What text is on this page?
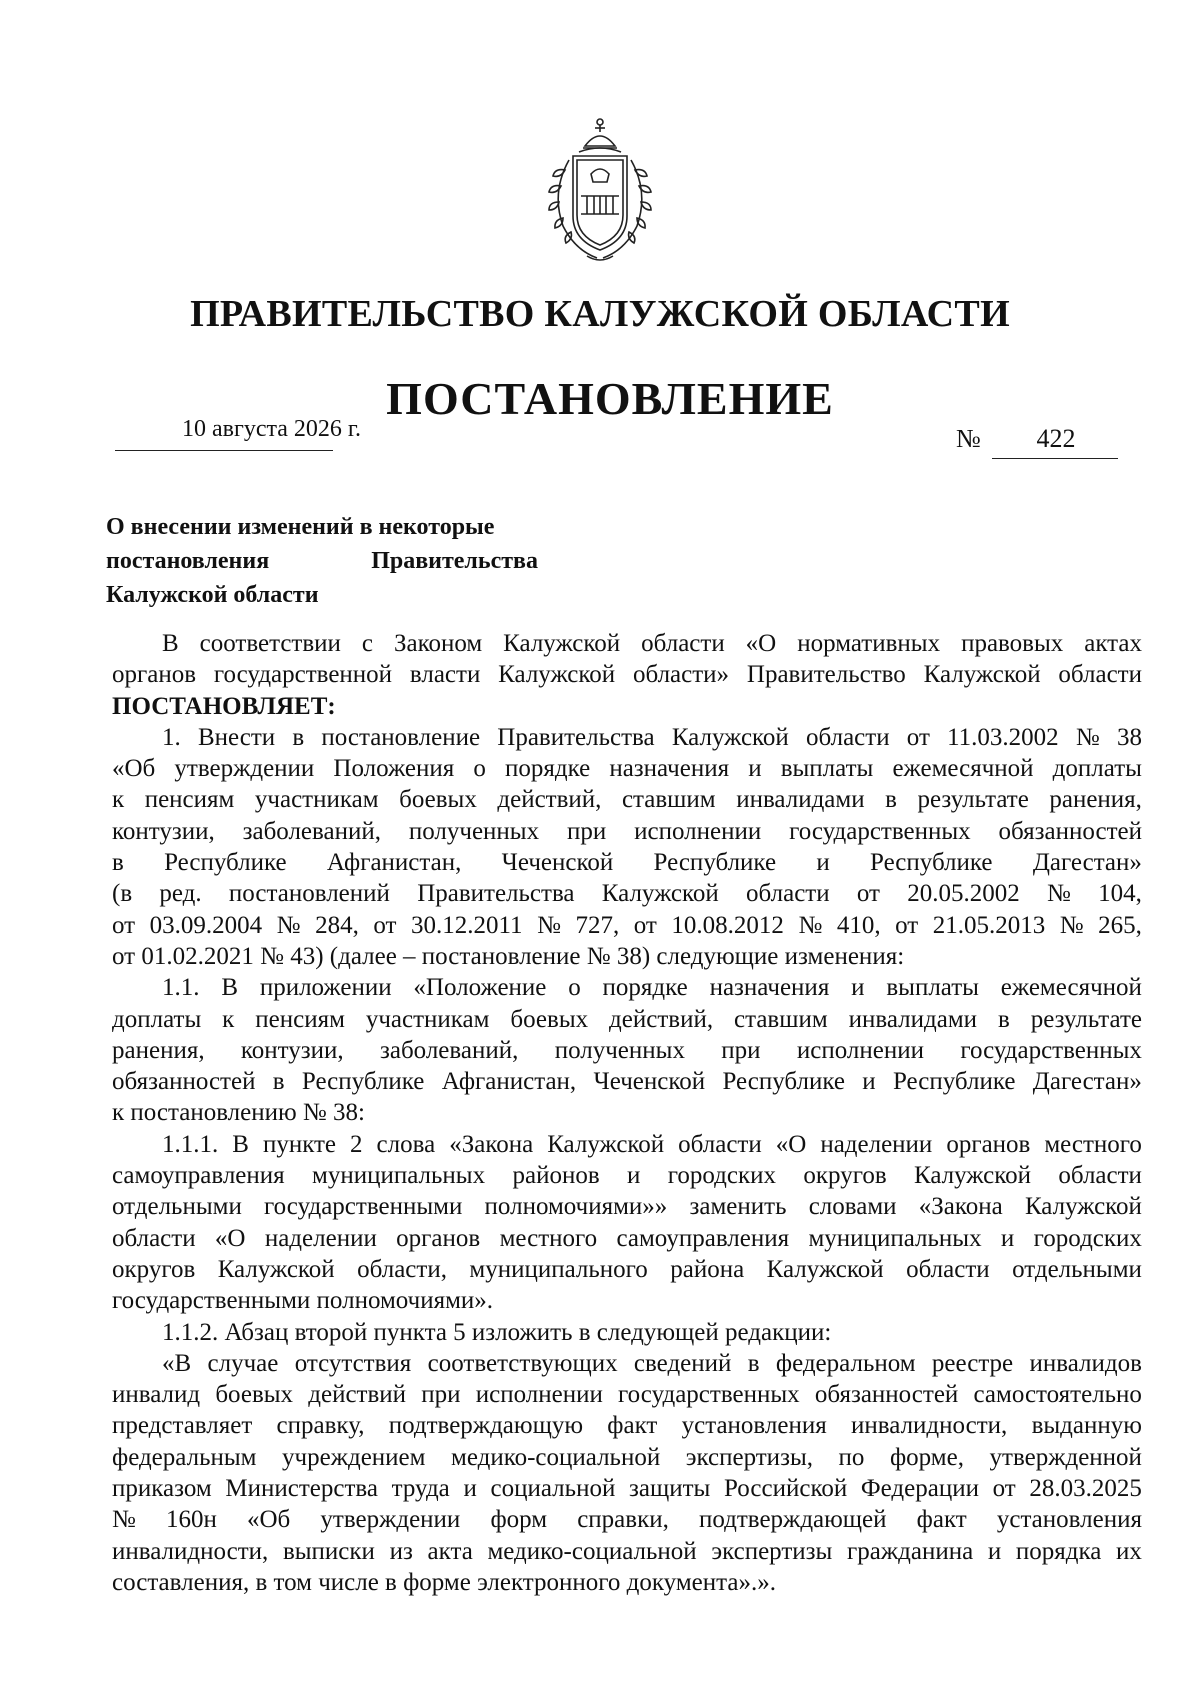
ПРАВИТЕЛЬСТВО КАЛУЖСКОЙ ОБЛАСТИ
ПОСТАНОВЛЕНИЕ
10 августа 2026 г.	№	422
О внесении изменений в некоторые
постановления	Правительства
Калужской области
В соответствии с Законом Калужской области «О нормативных правовых актах
органов государственной власти Калужской области» Правительство Калужской области
ПОСТАНОВЛЯЕТ:
1. Внести в постановление Правительства Калужской области от 11.03.2002 № 38
«Об утверждении Положения о порядке назначения и выплаты ежемесячной доплаты
к пенсиям участникам боевых действий, ставшим инвалидами в результате ранения,
контузии, заболеваний, полученных при исполнении государственных обязанностей
в Республике Афганистан, Чеченской Республике и Республике Дагестан»
(в ред. постановлений Правительства Калужской области от 20.05.2002 № 104,
от 03.09.2004 № 284, от 30.12.2011 № 727, от 10.08.2012 № 410, от 21.05.2013 № 265,
от 01.02.2021 № 43) (далее – постановление № 38) следующие изменения:
1.1. В приложении «Положение о порядке назначения и выплаты ежемесячной
доплаты к пенсиям участникам боевых действий, ставшим инвалидами в результате
ранения, контузии, заболеваний, полученных при исполнении государственных
обязанностей в Республике Афганистан, Чеченской Республике и Республике Дагестан»
к постановлению № 38:
1.1.1. В пункте 2 слова «Закона Калужской области «О наделении органов местного
самоуправления муниципальных районов и городских округов Калужской области
отдельными государственными полномочиями»» заменить словами «Закона Калужской
области «О наделении органов местного самоуправления муниципальных и городских
округов Калужской области, муниципального района Калужской области отдельными
государственными полномочиями».
1.1.2. Абзац второй пункта 5 изложить в следующей редакции:
«В случае отсутствия соответствующих сведений в федеральном реестре инвалидов
инвалид боевых действий при исполнении государственных обязанностей самостоятельно
представляет справку, подтверждающую факт установления инвалидности, выданную
федеральным учреждением медико-социальной экспертизы, по форме, утвержденной
приказом Министерства труда и социальной защиты Российской Федерации от 28.03.2025
№ 160н «Об утверждении форм справки, подтверждающей факт установления
инвалидности, выписки из акта медико-социальной экспертизы гражданина и порядка их
составления, в том числе в форме электронного документа».».
